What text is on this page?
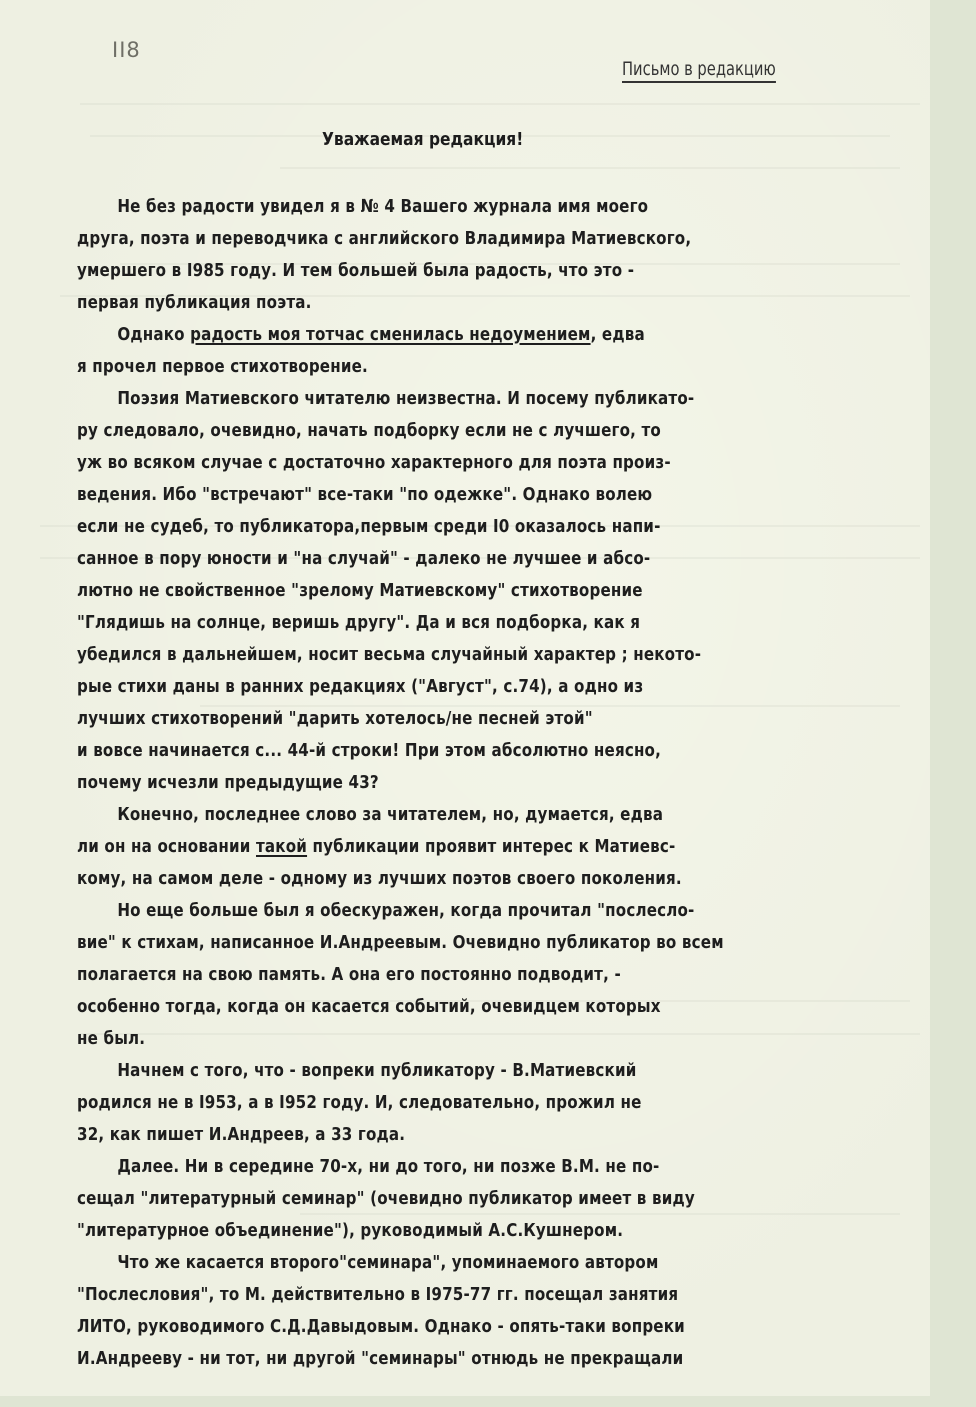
II8
Письмо в редакцию
Уважаемая редакция!
Не без радости увидел я в № 4 Вашего журнала имя моего
друга, поэта и переводчика с английского Владимира Матиевского,
умершего в I985 году. И тем большей была радость, что это -
первая публикация поэта.
Однако радость моя тотчас сменилась недоумением, едва
я прочел первое стихотворение.
Поэзия Матиевского читателю неизвестна. И посему публикато-
ру следовало, очевидно, начать подборку если не с лучшего, то
уж во всяком случае с достаточно характерного для поэта произ-
ведения. Ибо "встречают" все-таки "по одежке". Однако волею
если не судеб, то публикатора,первым среди I0 оказалось напи-
санное в пору юности и "на случай" - далеко не лучшее и абсо-
лютно не свойственное "зрелому Матиевскому" стихотворение
"Глядишь на солнце, веришь другу". Да и вся подборка, как я
убедился в дальнейшем, носит весьма случайный характер ; некото-
рые стихи даны в ранних редакциях ("Август", с.74), а одно из
лучших стихотворений "дарить хотелось/не песней этой"
и вовсе начинается с... 44-й строки! При этом абсолютно неясно,
почему исчезли предыдущие 43?
Конечно, последнее слово за читателем, но, думается, едва
ли он на основании такой публикации проявит интерес к Матиевс-
кому, на самом деле - одному из лучших поэтов своего поколения.
Но еще больше был я обескуражен, когда прочитал "послесло-
вие" к стихам, написанное И.Андреевым. Очевидно публикатор во всем
полагается на свою память. А она его постоянно подводит, -
особенно тогда, когда он касается событий, очевидцем которых
не был.
Начнем с того, что - вопреки публикатору - В.Матиевский
родился не в I953, а в I952 году. И, следовательно, прожил не
32, как пишет И.Андреев, а 33 года.
Далее. Ни в середине 70-х, ни до того, ни позже В.М. не по-
сещал "литературный семинар" (очевидно публикатор имеет в виду
"литературное объединение"), руководимый А.С.Кушнером.
Что же касается второго"семинара", упоминаемого автором
"Послесловия", то М. действительно в I975-77 гг. посещал занятия
ЛИТО, руководимого С.Д.Давыдовым. Однако - опять-таки вопреки
И.Андрееву - ни тот, ни другой "семинары" отнюдь не прекращали
